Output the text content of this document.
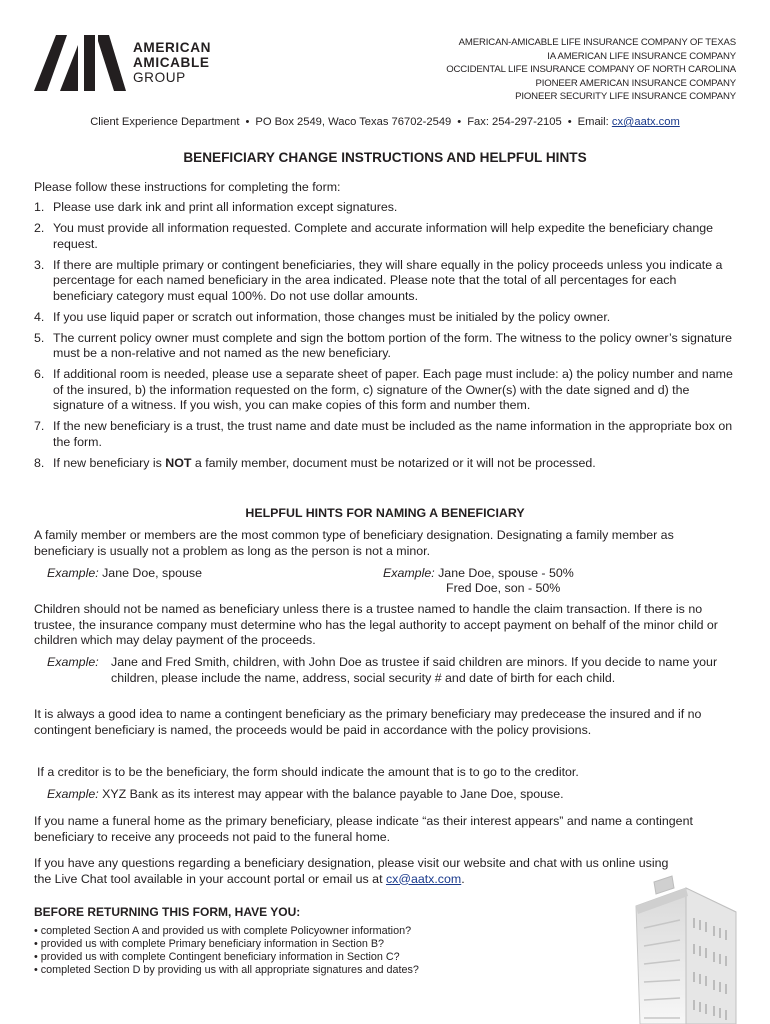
AMERICAN
AMICABLE
GROUP
AMERICAN-AMICABLE LIFE INSURANCE COMPANY OF TEXAS
IA AMERICAN LIFE INSURANCE COMPANY
OCCIDENTAL LIFE INSURANCE COMPANY OF NORTH CAROLINA
PIONEER AMERICAN INSURANCE COMPANY
PIONEER SECURITY LIFE INSURANCE COMPANY
Client Experience Department • PO Box 2549, Waco Texas 76702-2549 • Fax: 254-297-2105 • Email: cx@aatx.com
BENEFICIARY CHANGE INSTRUCTIONS AND HELPFUL HINTS
Please follow these instructions for completing the form:
1. Please use dark ink and print all information except signatures.
2. You must provide all information requested. Complete and accurate information will help expedite the beneficiary change request.
3. If there are multiple primary or contingent beneficiaries, they will share equally in the policy proceeds unless you indicate a percentage for each named beneficiary in the area indicated. Please note that the total of all percentages for each beneficiary category must equal 100%. Do not use dollar amounts.
4. If you use liquid paper or scratch out information, those changes must be initialed by the policy owner.
5. The current policy owner must complete and sign the bottom portion of the form. The witness to the policy owner’s signature must be a non-relative and not named as the new beneficiary.
6. If additional room is needed, please use a separate sheet of paper. Each page must include: a) the policy number and name of the insured, b) the information requested on the form, c) signature of the Owner(s) with the date signed and d) the signature of a witness. If you wish, you can make copies of this form and number them.
7. If the new beneficiary is a trust, the trust name and date must be included as the name information in the appropriate box on the form.
8. If new beneficiary is NOT a family member, document must be notarized or it will not be processed.
HELPFUL HINTS FOR NAMING A BENEFICIARY
A family member or members are the most common type of beneficiary designation. Designating a family member as beneficiary is usually not a problem as long as the person is not a minor.
Example: Jane Doe, spouse	Example: Jane Doe, spouse - 50%
Fred Doe, son - 50%
Children should not be named as beneficiary unless there is a trustee named to handle the claim transaction. If there is no trustee, the insurance company must determine who has the legal authority to accept payment on behalf of the minor child or children which may delay payment of the proceeds.
Example: Jane and Fred Smith, children, with John Doe as trustee if said children are minors. If you decide to name your children, please include the name, address, social security # and date of birth for each child.
It is always a good idea to name a contingent beneficiary as the primary beneficiary may predecease the insured and if no contingent beneficiary is named, the proceeds would be paid in accordance with the policy provisions.
If a creditor is to be the beneficiary, the form should indicate the amount that is to go to the creditor.
Example: XYZ Bank as its interest may appear with the balance payable to Jane Doe, spouse.
If you name a funeral home as the primary beneficiary, please indicate “as their interest appears” and name a contingent beneficiary to receive any proceeds not paid to the funeral home.
If you have any questions regarding a beneficiary designation, please visit our website and chat with us online using the Live Chat tool available in your account portal or email us at cx@aatx.com.
BEFORE RETURNING THIS FORM, HAVE YOU:
• completed Section A and provided us with complete Policyowner information?
• provided us with complete Primary beneficiary information in Section B?
• provided us with complete Contingent beneficiary information in Section C?
• completed Section D by providing us with all appropriate signatures and dates?
